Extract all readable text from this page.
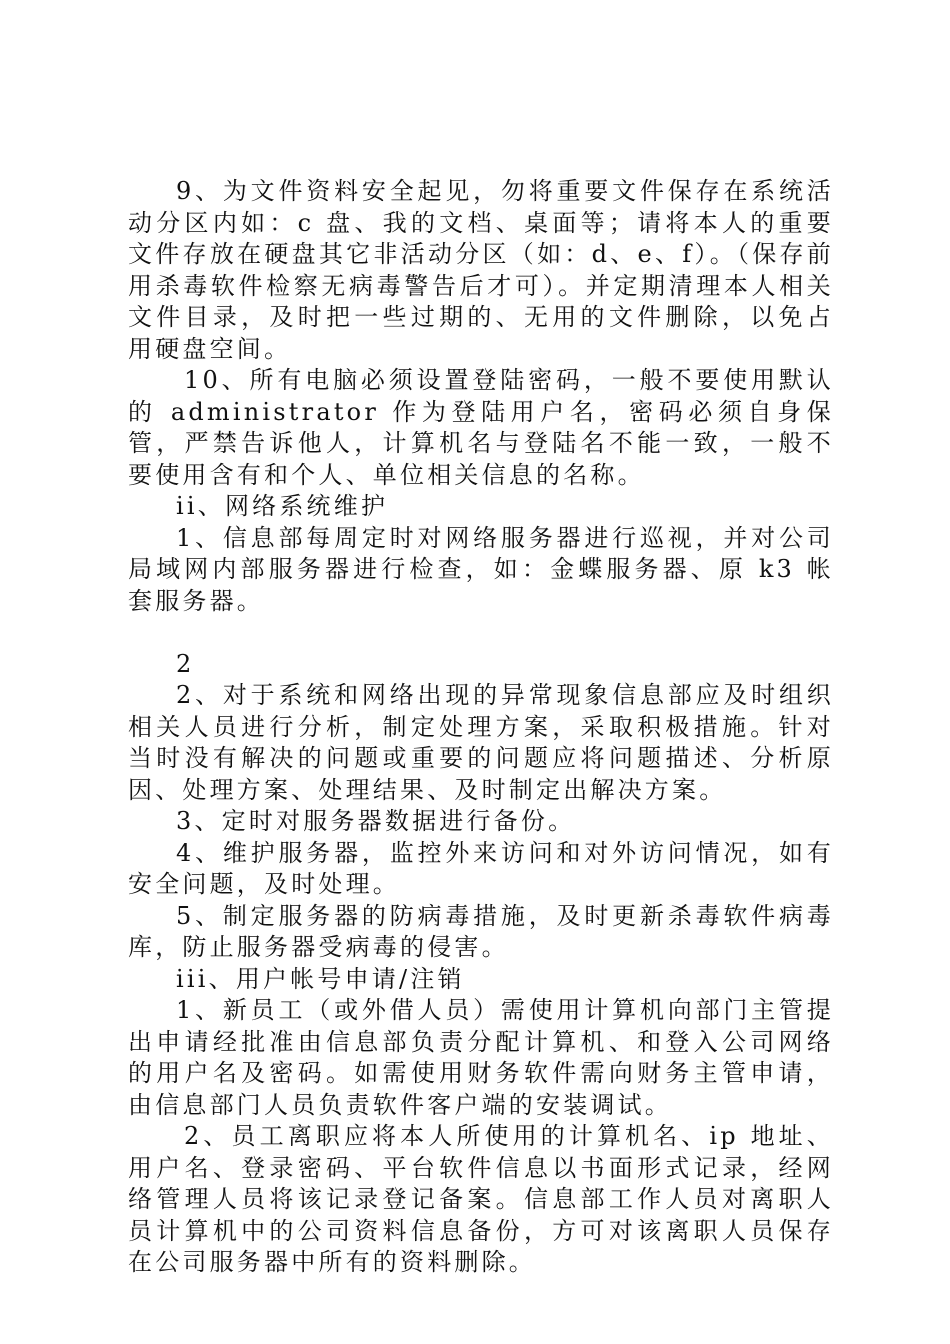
9、为文件资料安全起见，勿将重要文件保存在系统活动分区内如：c 盘、我的文档、桌面等；请将本人的重要文件存放在硬盘其它非活动分区（如：d、e、f）。（保存前用杀毒软件检察无病毒警告后才可）。并定期清理本人相关文件目录，及时把一些过期的、无用的文件删除，以免占用硬盘空间。

10、所有电脑必须设置登陆密码，一般不要使用默认的 administrator 作为登陆用户名，密码必须自身保管，严禁告诉他人，计算机名与登陆名不能一致，一般不要使用含有和个人、单位相关信息的名称。

ii、网络系统维护

1、信息部每周定时对网络服务器进行巡视，并对公司局域网内部服务器进行检查，如：金蝶服务器、原 k3 帐套服务器。

2

2、对于系统和网络出现的异常现象信息部应及时组织相关人员进行分析，制定处理方案，采取积极措施。针对当时没有解决的问题或重要的问题应将问题描述、分析原因、处理方案、处理结果、及时制定出解决方案。

3、定时对服务器数据进行备份。

4、维护服务器，监控外来访问和对外访问情况，如有安全问题，及时处理。

5、制定服务器的防病毒措施，及时更新杀毒软件病毒库，防止服务器受病毒的侵害。

iii、用户帐号申请/注销

1、新员工（或外借人员）需使用计算机向部门主管提出申请经批准由信息部负责分配计算机、和登入公司网络的用户名及密码。如需使用财务软件需向财务主管申请，由信息部门人员负责软件客户端的安装调试。

2、员工离职应将本人所使用的计算机名、ip 地址、用户名、登录密码、平台软件信息以书面形式记录，经网络管理人员将该记录登记备案。信息部工作人员对离职人员计算机中的公司资料信息备份，方可对该离职人员保存在公司服务器中所有的资料删除。
